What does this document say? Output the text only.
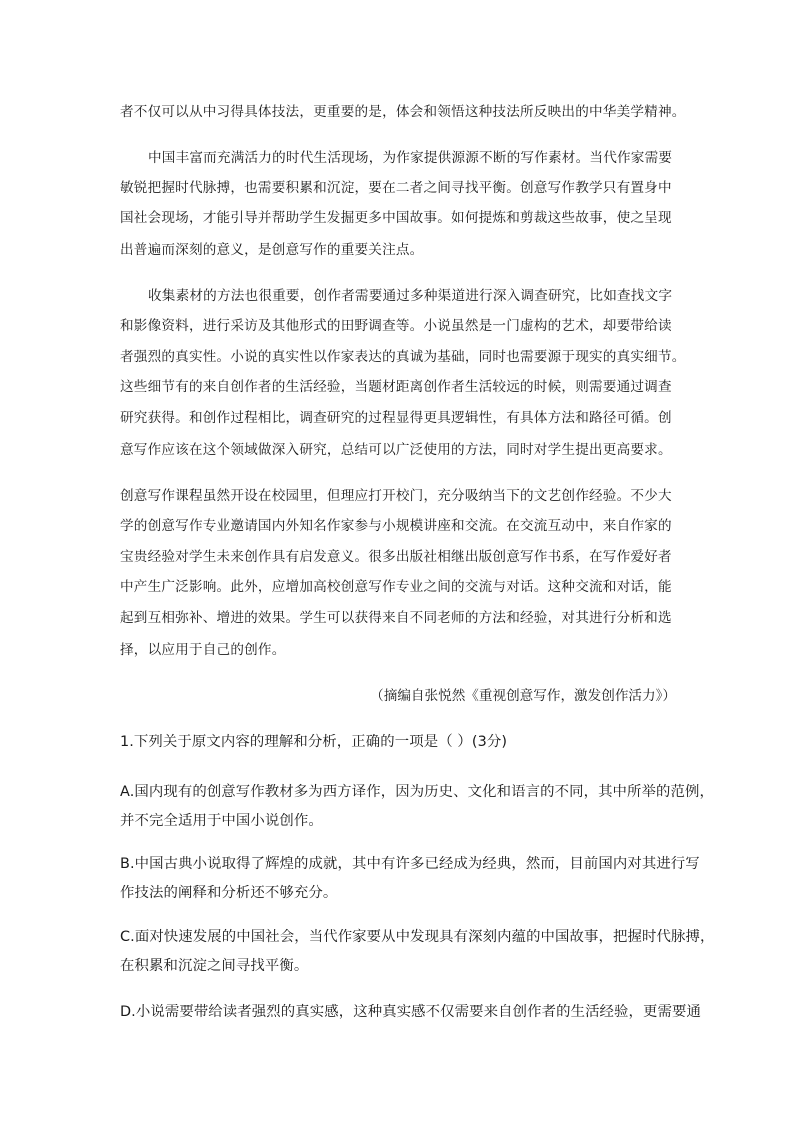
者不仅可以从中习得具体技法，更重要的是，体会和领悟这种技法所反映出的中华美学精神。
中国丰富而充满活力的时代生活现场，为作家提供源源不断的写作素材。当代作家需要
敏锐把握时代脉搏，也需要积累和沉淀，要在二者之间寻找平衡。创意写作教学只有置身中
国社会现场，才能引导并帮助学生发掘更多中国故事。如何提炼和剪裁这些故事，使之呈现
出普遍而深刻的意义，是创意写作的重要关注点。
收集素材的方法也很重要，创作者需要通过多种渠道进行深入调查研究，比如查找文字
和影像资料，进行采访及其他形式的田野调查等。小说虽然是一门虚构的艺术，却要带给读
者强烈的真实性。小说的真实性以作家表达的真诚为基础，同时也需要源于现实的真实细节。
这些细节有的来自创作者的生活经验，当题材距离创作者生活较远的时候，则需要通过调查
研究获得。和创作过程相比，调查研究的过程显得更具逻辑性，有具体方法和路径可循。创
意写作应该在这个领域做深入研究，总结可以广泛使用的方法，同时对学生提出更高要求。
创意写作课程虽然开设在校园里，但理应打开校门，充分吸纳当下的文艺创作经验。不少大
学的创意写作专业邀请国内外知名作家参与小规模讲座和交流。在交流互动中，来自作家的
宝贵经验对学生未来创作具有启发意义。很多出版社相继出版创意写作书系，在写作爱好者
中产生广泛影响。此外，应增加高校创意写作专业之间的交流与对话。这种交流和对话，能
起到互相弥补、增进的效果。学生可以获得来自不同老师的方法和经验，对其进行分析和选
择，以应用于自己的创作。
（摘编自张悦然《重视创意写作，激发创作活力》）
1.下列关于原文内容的理解和分析，正确的一项是（ ）(3分)
A.国内现有的创意写作教材多为西方译作，因为历史、文化和语言的不同，其中所举的范例，
并不完全适用于中国小说创作。
B.中国古典小说取得了辉煌的成就，其中有许多已经成为经典，然而，目前国内对其进行写
作技法的阐释和分析还不够充分。
C.面对快速发展的中国社会，当代作家要从中发现具有深刻内蕴的中国故事，把握时代脉搏，
在积累和沉淀之间寻找平衡。
D.小说需要带给读者强烈的真实感，这种真实感不仅需要来自创作者的生活经验，更需要通
